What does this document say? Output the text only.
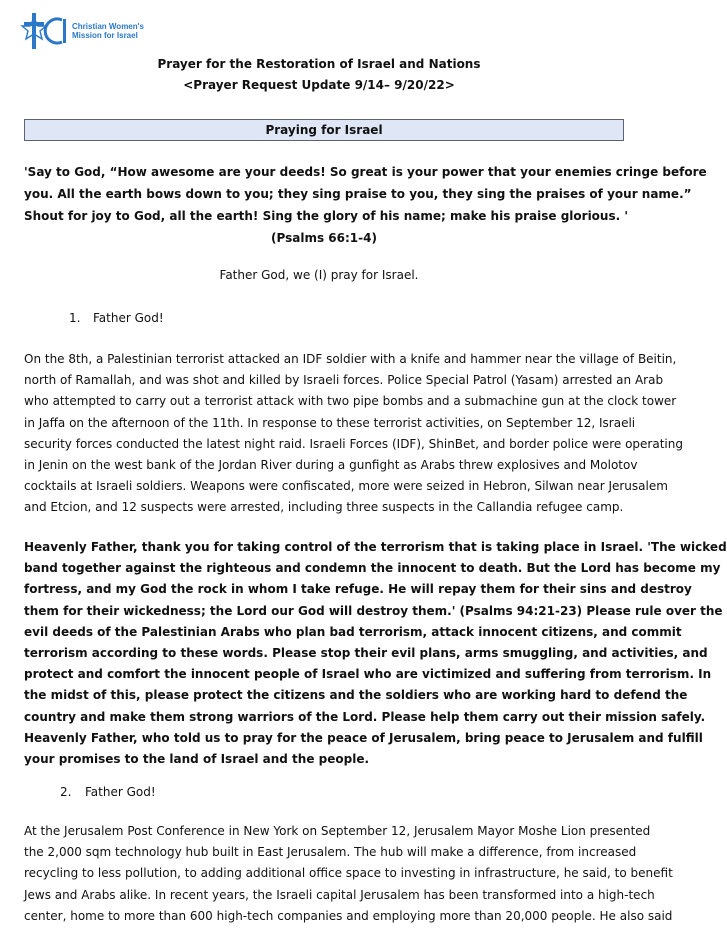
Christian Women's
Mission for Israel
Prayer for the Restoration of Israel and Nations
<Prayer Request Update 9/14– 9/20/22>
Praying for Israel
'Say to God, “How awesome are your deeds! So great is your power that your enemies cringe before
you. All the earth bows down to you; they sing praise to you, they sing the praises of your name.”
Shout for joy to God, all the earth! Sing the glory of his name; make his praise glorious. '
(Psalms 66:1-4)
Father God, we (I) pray for Israel.
1. Father God!
On the 8th, a Palestinian terrorist attacked an IDF soldier with a knife and hammer near the village of Beitin,
north of Ramallah, and was shot and killed by Israeli forces. Police Special Patrol (Yasam) arrested an Arab
who attempted to carry out a terrorist attack with two pipe bombs and a submachine gun at the clock tower
in Jaffa on the afternoon of the 11th. In response to these terrorist activities, on September 12, Israeli
security forces conducted the latest night raid. Israeli Forces (IDF), ShinBet, and border police were operating
in Jenin on the west bank of the Jordan River during a gunfight as Arabs threw explosives and Molotov
cocktails at Israeli soldiers. Weapons were confiscated, more were seized in Hebron, Silwan near Jerusalem
and Etcion, and 12 suspects were arrested, including three suspects in the Callandia refugee camp.
Heavenly Father, thank you for taking control of the terrorism that is taking place in Israel. 'The wicked
band together against the righteous and condemn the innocent to death. But the Lord has become my
fortress, and my God the rock in whom I take refuge. He will repay them for their sins and destroy
them for their wickedness; the Lord our God will destroy them.' (Psalms 94:21-23) Please rule over the
evil deeds of the Palestinian Arabs who plan bad terrorism, attack innocent citizens, and commit
terrorism according to these words. Please stop their evil plans, arms smuggling, and activities, and
protect and comfort the innocent people of Israel who are victimized and suffering from terrorism. In
the midst of this, please protect the citizens and the soldiers who are working hard to defend the
country and make them strong warriors of the Lord. Please help them carry out their mission safely.
Heavenly Father, who told us to pray for the peace of Jerusalem, bring peace to Jerusalem and fulfill
your promises to the land of Israel and the people.
2. Father God!
At the Jerusalem Post Conference in New York on September 12, Jerusalem Mayor Moshe Lion presented
the 2,000 sqm technology hub built in East Jerusalem. The hub will make a difference, from increased
recycling to less pollution, to adding additional office space to investing in infrastructure, he said, to benefit
Jews and Arabs alike. In recent years, the Israeli capital Jerusalem has been transformed into a high-tech
center, home to more than 600 high-tech companies and employing more than 20,000 people. He also said
